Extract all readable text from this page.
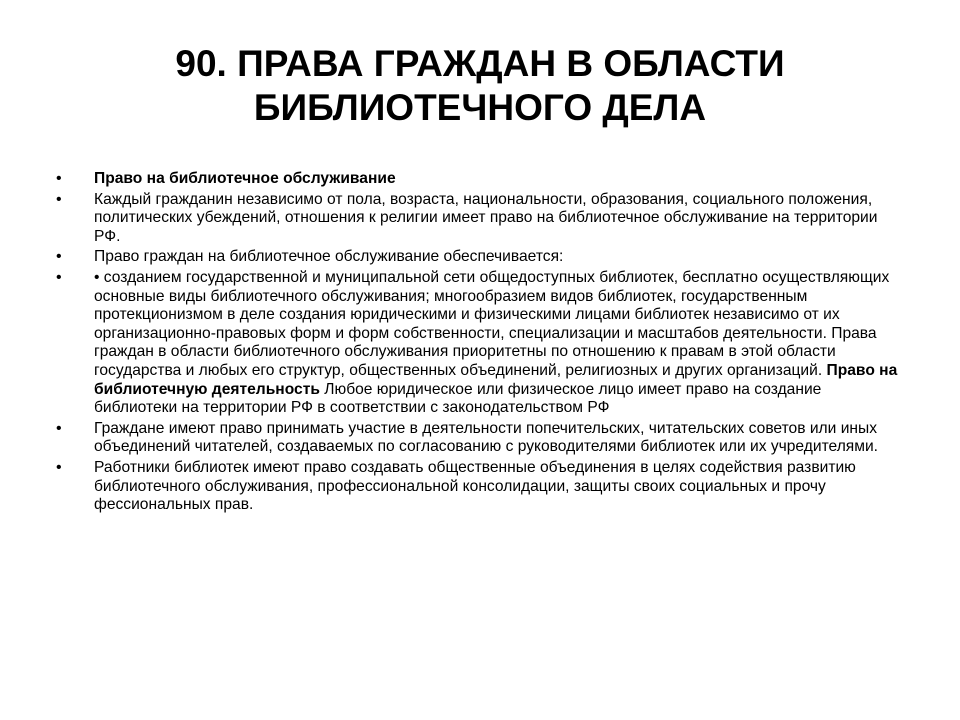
90. ПРАВА ГРАЖДАН В ОБЛАСТИ
БИБЛИОТЕЧНОГО ДЕЛА
• Право на библиотечное обслуживание
• Каждый гражданин независимо от пола, возраста, национальности, образования, социального положения, политических убеждений, отношения к религии имеет право на библиотечное обслуживание на территории РФ.
• Право граждан на библиотечное обслуживание обеспечивается:
• • созданием государственной и муниципальной сети общедоступных библиотек, бесплатно осуществляющих основные виды библиотечного обслуживания; многообразием видов библиотек, государственным протекционизмом в деле создания юридическими и физическими лицами библиотек независимо от их организационно-правовых форм и форм собственности, специализации и масштабов деятельности. Права граждан в области библиотечного обслуживания приоритетны по отношению к правам в этой области государства и любых его структур, общественных объединений, религиозных и других организаций. Право на библиотечную деятельность Любое юридическое или физическое лицо имеет право на создание библиотеки на территории РФ в соответствии с законодательством РФ
• Граждане имеют право принимать участие в деятельности попечительских, читательских советов или иных объединений читателей, создаваемых по согласованию с руководителями библиотек или их учредителями.
• Работники библиотек имеют право создавать общественные объединения в целях содействия развитию библиотечного обслуживания, профессиональной консолидации, защиты своих социальных и прочу фессиональных прав.
